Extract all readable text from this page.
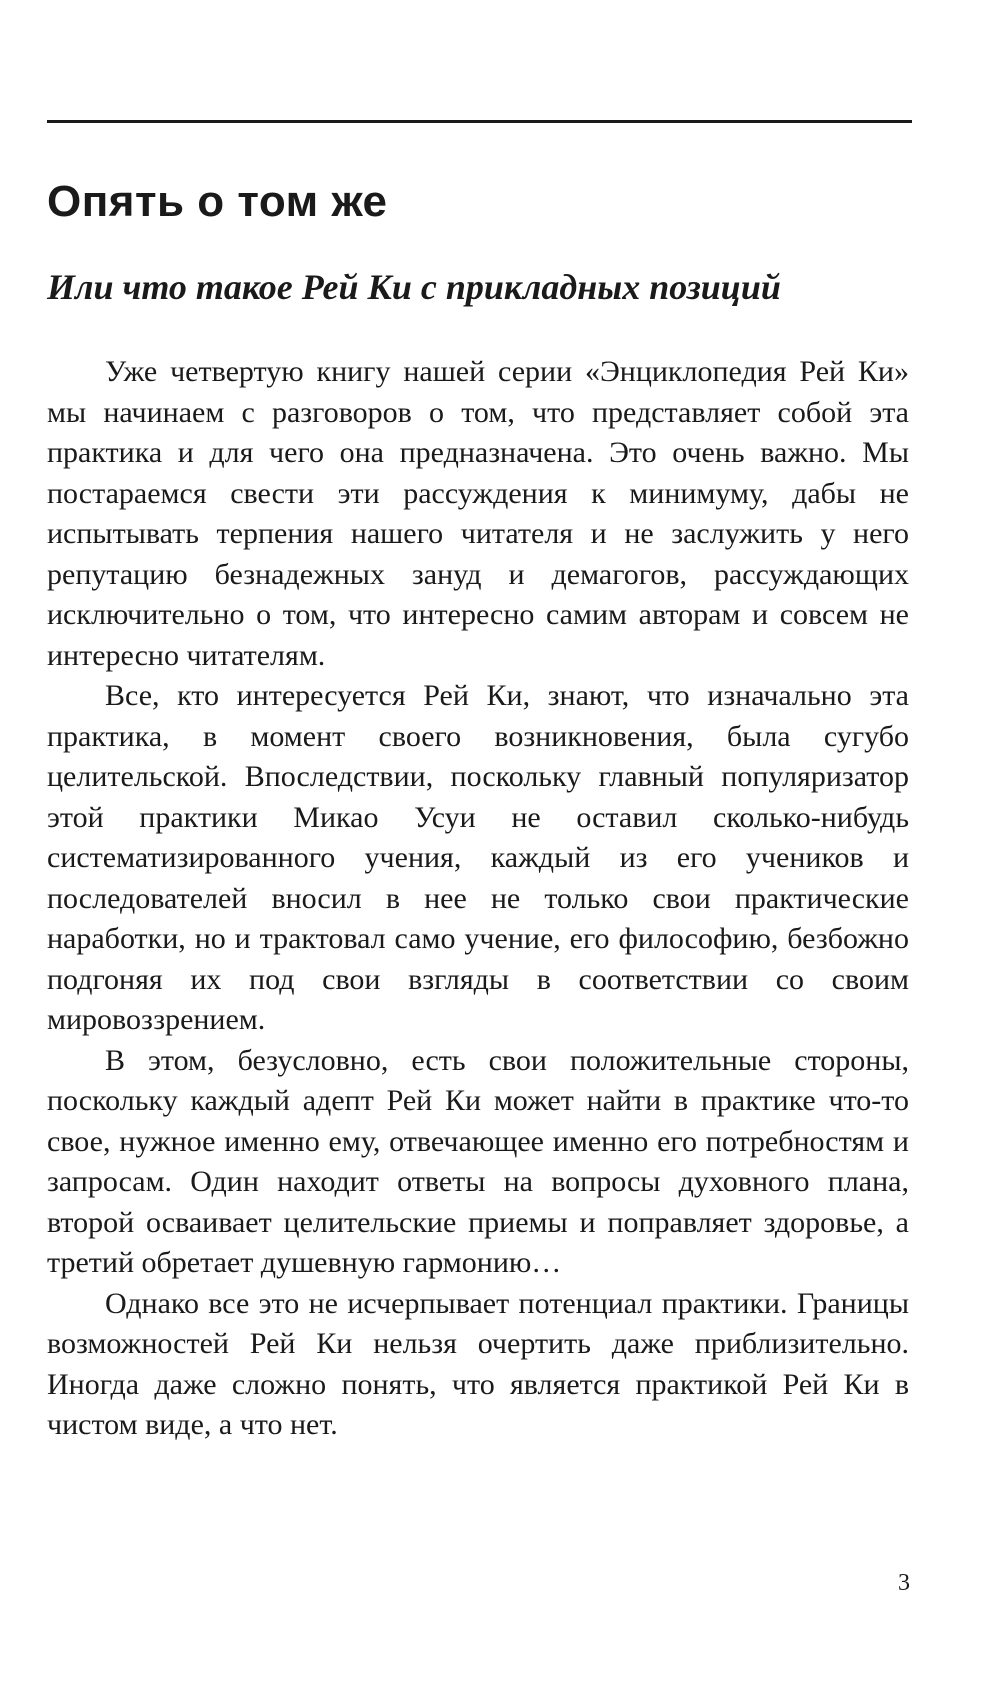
Опять о том же
Или что такое Рей Ки с прикладных позиций

Уже четвертую книгу нашей серии «Энциклопедия Рей Ки» мы начинаем с разговоров о том, что представляет собой эта практика и для чего она предназначена. Это очень важно. Мы постараемся свести эти рассуждения к минимуму, дабы не испытывать терпения нашего читателя и не заслужить у него репутацию безнадежных зануд и демагогов, рассуждающих исключительно о том, что интересно самим авторам и совсем не интересно читателям.

Все, кто интересуется Рей Ки, знают, что изначально эта практика, в момент своего возникновения, была сугубо целительской. Впоследствии, поскольку главный популяризатор этой практики Микао Усуи не оставил сколько-нибудь систематизированного учения, каждый из его учеников и последователей вносил в нее не только свои практические наработки, но и трактовал само учение, его философию, безбожно подгоняя их под свои взгляды в соответствии со своим мировоззрением.

В этом, безусловно, есть свои положительные стороны, поскольку каждый адепт Рей Ки может найти в практике что-то свое, нужное именно ему, отвечающее именно его потребностям и запросам. Один находит ответы на вопросы духовного плана, второй осваивает целительские приемы и поправляет здоровье, а третий обретает душевную гармонию…

Однако все это не исчерпывает потенциал практики. Границы возможностей Рей Ки нельзя очертить даже приблизительно. Иногда даже сложно понять, что является практикой Рей Ки в чистом виде, а что нет.

3
